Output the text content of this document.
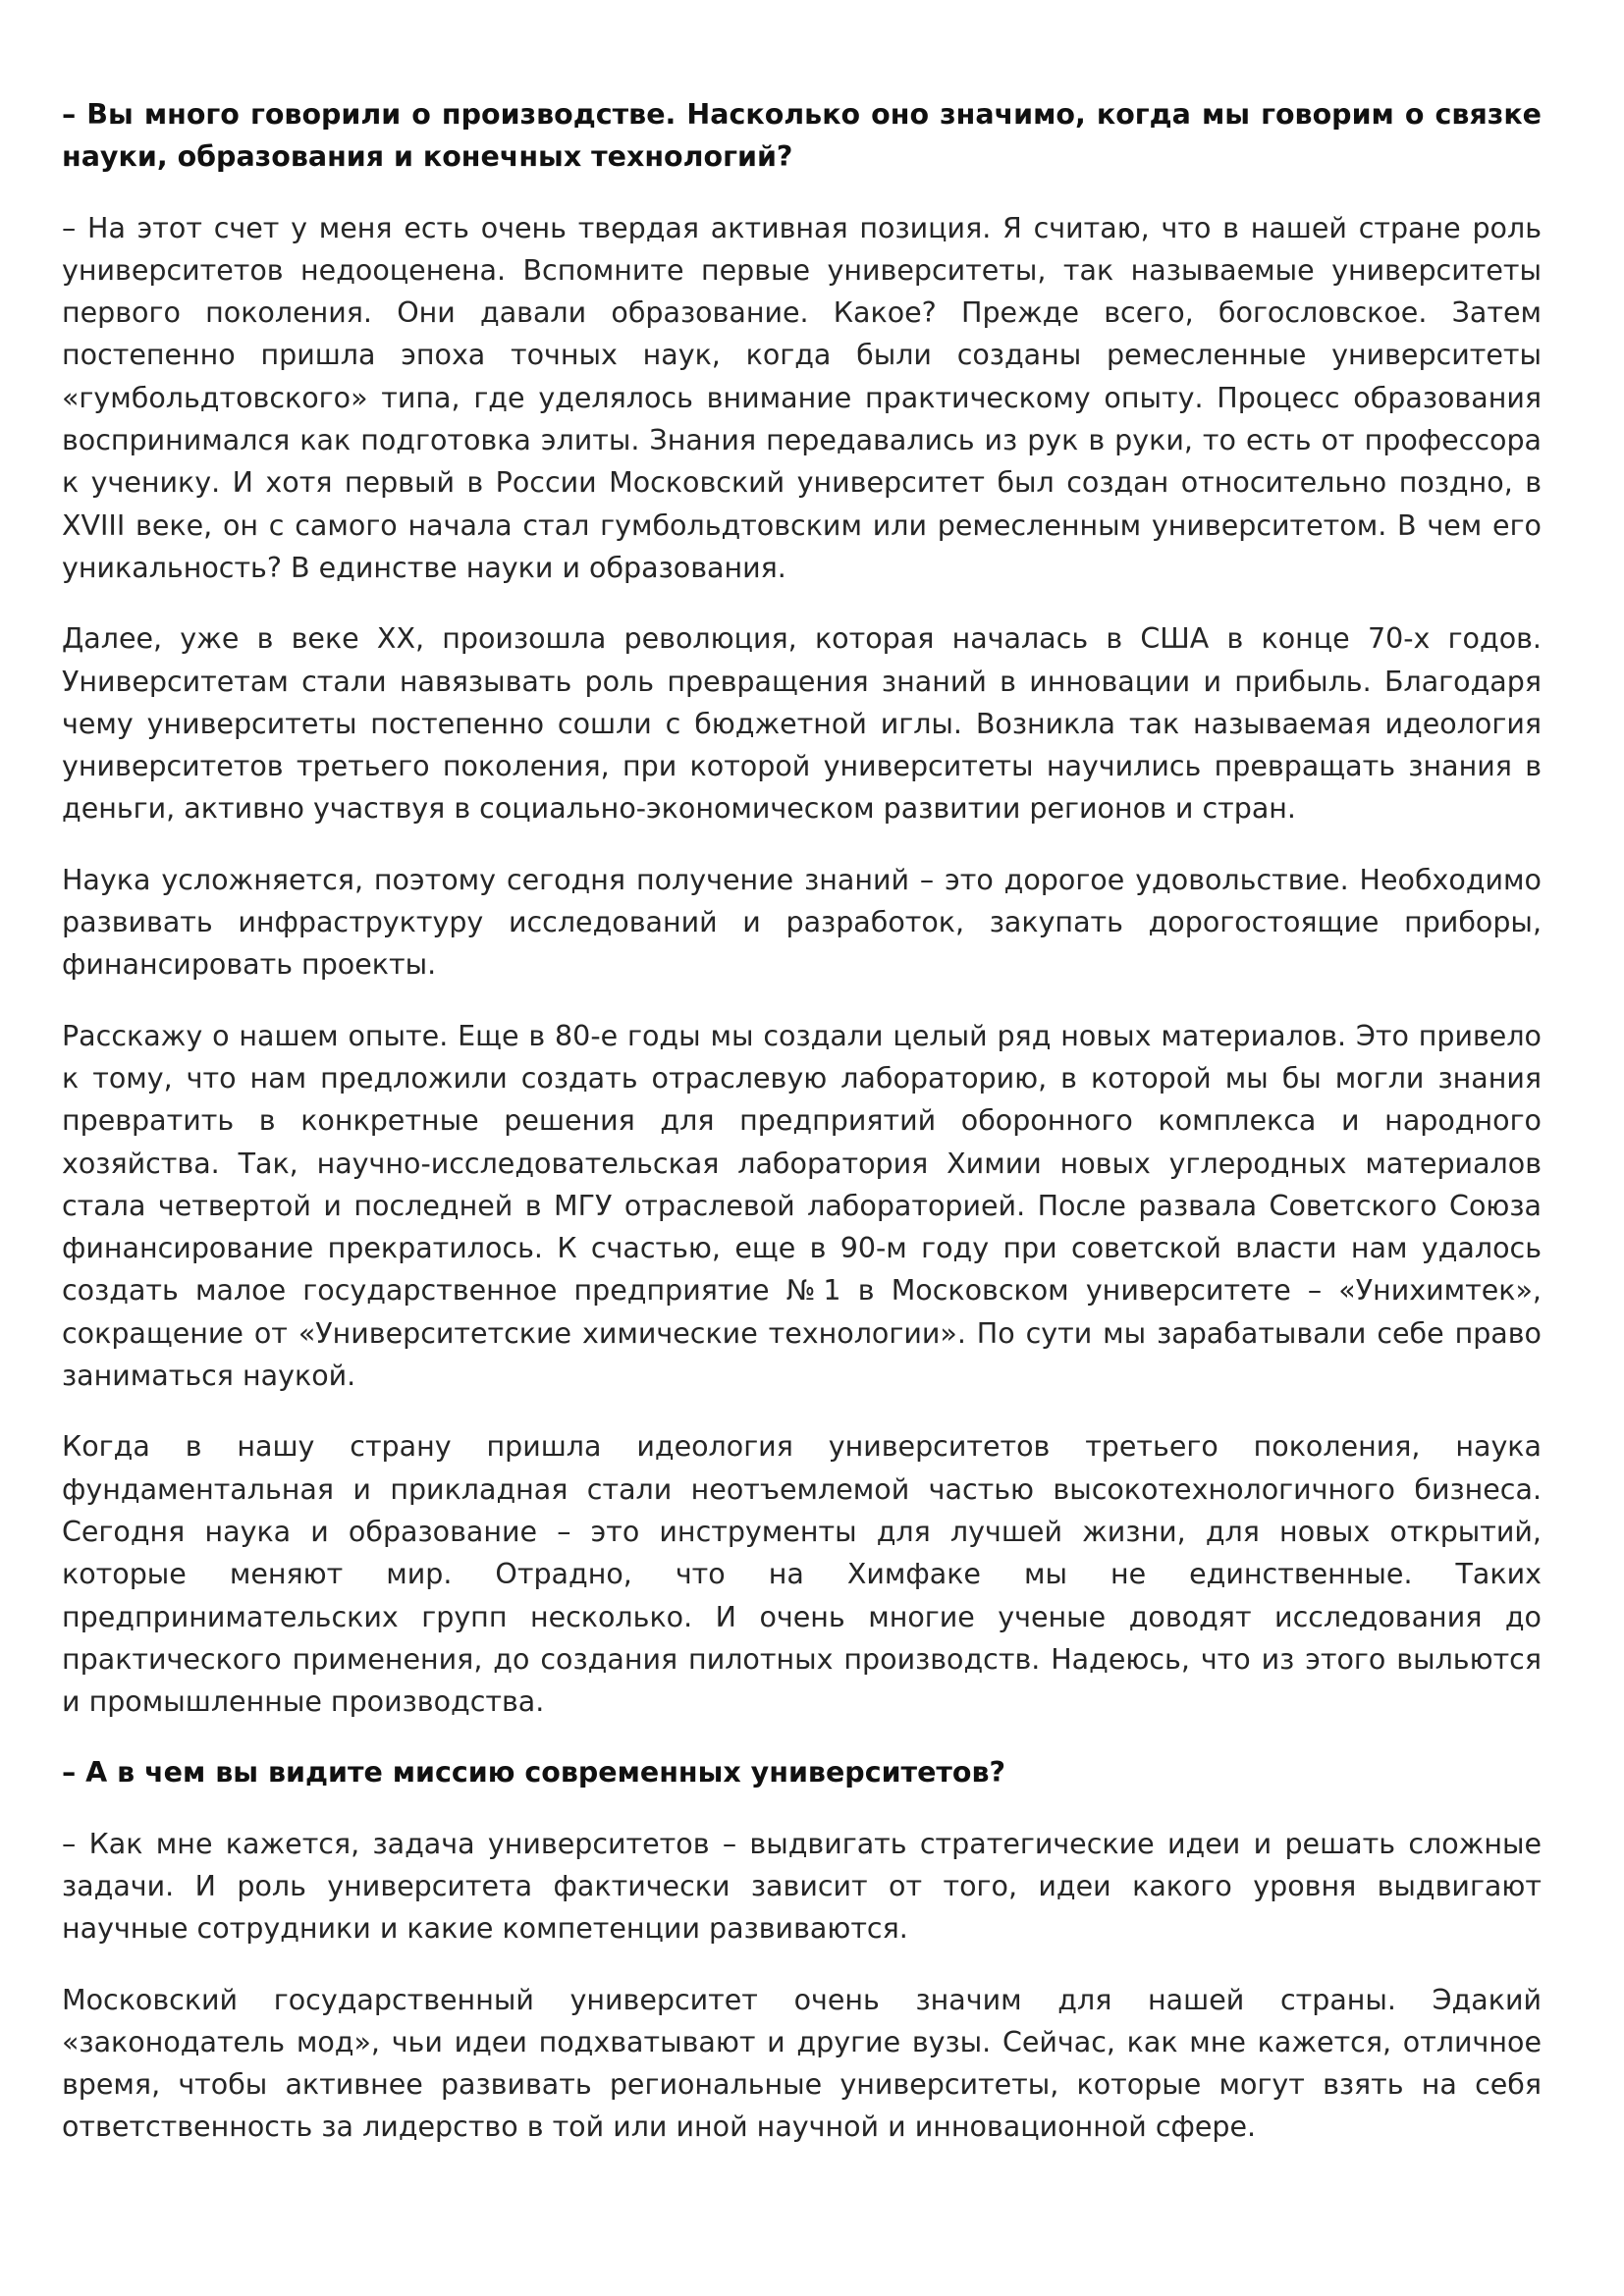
– Вы много говорили о производстве. Насколько оно значимо, когда мы говорим о связке науки, образования и конечных технологий?

– На этот счет у меня есть очень твердая активная позиция. Я считаю, что в нашей стране роль университетов недооценена. Вспомните первые университеты, так называемые университеты первого поколения. Они давали образование. Какое? Прежде всего, богословское. Затем постепенно пришла эпоха точных наук, когда были созданы ремесленные университеты «гумбольдтовского» типа, где уделялось внимание практическому опыту. Процесс образования воспринимался как подготовка элиты. Знания передавались из рук в руки, то есть от профессора к ученику. И хотя первый в России Московский университет был создан относительно поздно, в XVIII веке, он с самого начала стал гумбольдтовским или ремесленным университетом. В чем его уникальность? В единстве науки и образования.

Далее, уже в веке XX, произошла революция, которая началась в США в конце 70-х годов. Университетам стали навязывать роль превращения знаний в инновации и прибыль. Благодаря чему университеты постепенно сошли с бюджетной иглы. Возникла так называемая идеология университетов третьего поколения, при которой университеты научились превращать знания в деньги, активно участвуя в социально-экономическом развитии регионов и стран.

Наука усложняется, поэтому сегодня получение знаний – это дорогое удовольствие. Необходимо развивать инфраструктуру исследований и разработок, закупать дорогостоящие приборы, финансировать проекты.

Расскажу о нашем опыте. Еще в 80-е годы мы создали целый ряд новых материалов. Это привело к тому, что нам предложили создать отраслевую лабораторию, в которой мы бы могли знания превратить в конкретные решения для предприятий оборонного комплекса и народного хозяйства. Так, научно-исследовательская лаборатория Химии новых углеродных материалов стала четвертой и последней в МГУ отраслевой лабораторией. После развала Советского Союза финансирование прекратилось. К счастью, еще в 90-м году при советской власти нам удалось создать малое государственное предприятие №1 в Московском университете – «Унихимтек», сокращение от «Университетские химические технологии». По сути мы зарабатывали себе право заниматься наукой.

Когда в нашу страну пришла идеология университетов третьего поколения, наука фундаментальная и прикладная стали неотъемлемой частью высокотехнологичного бизнеса. Сегодня наука и образование – это инструменты для лучшей жизни, для новых открытий, которые меняют мир. Отрадно, что на Химфаке мы не единственные. Таких предпринимательских групп несколько. И очень многие ученые доводят исследования до практического применения, до создания пилотных производств. Надеюсь, что из этого выльются и промышленные производства.

– А в чем вы видите миссию современных университетов?

– Как мне кажется, задача университетов – выдвигать стратегические идеи и решать сложные задачи. И роль университета фактически зависит от того, идеи какого уровня выдвигают научные сотрудники и какие компетенции развиваются.

Московский государственный университет очень значим для нашей страны. Эдакий «законодатель мод», чьи идеи подхватывают и другие вузы. Сейчас, как мне кажется, отличное время, чтобы активнее развивать региональные университеты, которые могут взять на себя ответственность за лидерство в той или иной научной и инновационной сфере.
